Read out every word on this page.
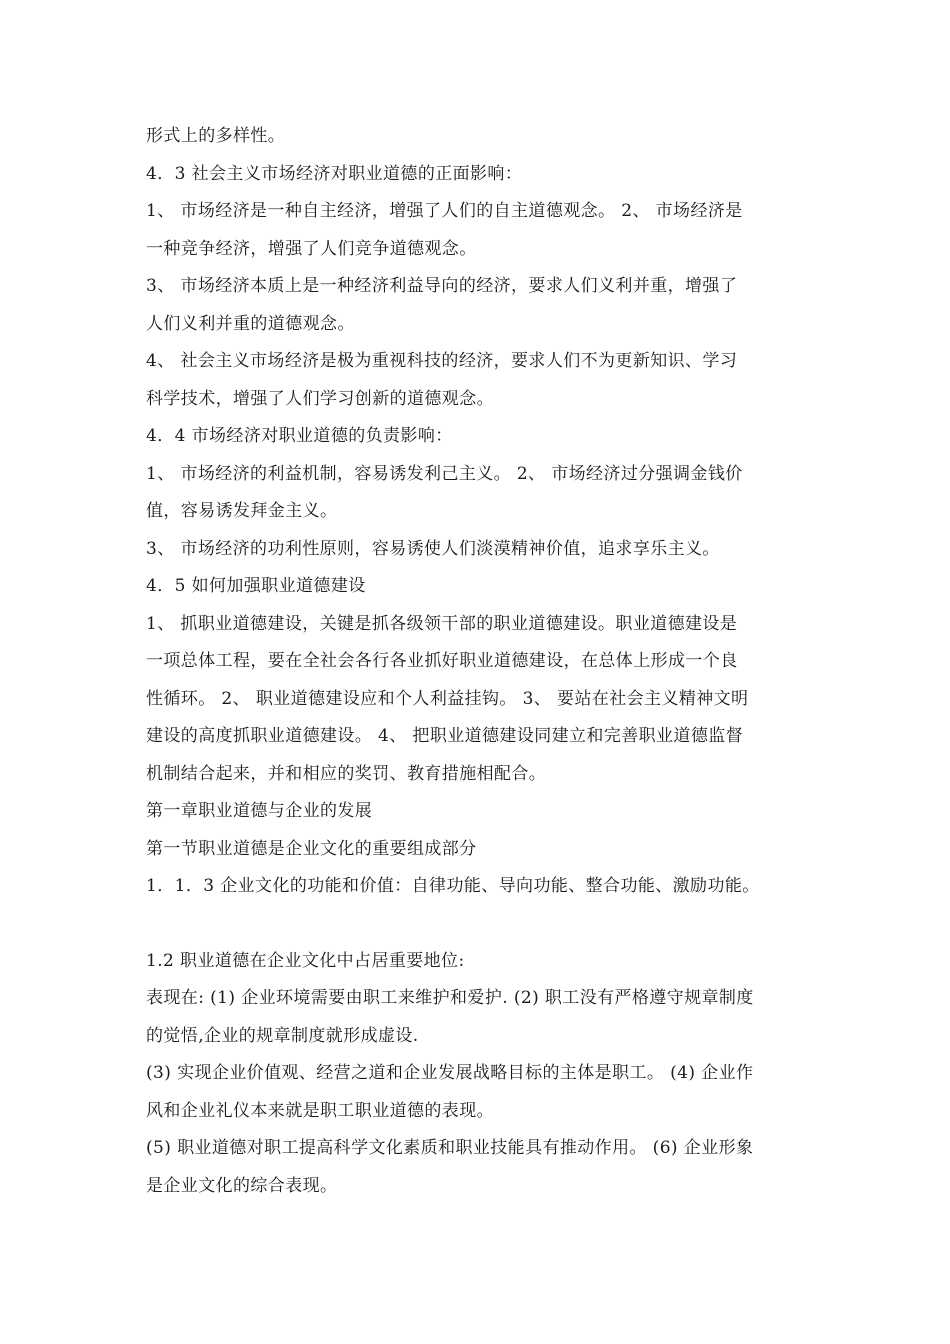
形式上的多样性。
4．3 社会主义市场经济对职业道德的正面影响：
1、 市场经济是一种自主经济，增强了人们的自主道德观念。 2、 市场经济是
一种竞争经济，增强了人们竞争道德观念。
3、 市场经济本质上是一种经济利益导向的经济，要求人们义利并重，增强了
人们义利并重的道德观念。
4、 社会主义市场经济是极为重视科技的经济，要求人们不为更新知识、学习
科学技术，增强了人们学习创新的道德观念。
4．4 市场经济对职业道德的负责影响：
1、 市场经济的利益机制，容易诱发利己主义。 2、 市场经济过分强调金钱价
值，容易诱发拜金主义。
3、 市场经济的功利性原则，容易诱使人们淡漠精神价值，追求享乐主义。
4．5 如何加强职业道德建设
1、 抓职业道德建设，关键是抓各级领干部的职业道德建设。职业道德建设是
一项总体工程，要在全社会各行各业抓好职业道德建设，在总体上形成一个良
性循环。 2、 职业道德建设应和个人利益挂钩。 3、 要站在社会主义精神文明
建设的高度抓职业道德建设。 4、 把职业道德建设同建立和完善职业道德监督
机制结合起来，并和相应的奖罚、教育措施相配合。
第一章职业道德与企业的发展
第一节职业道德是企业文化的重要组成部分
1．1．3 企业文化的功能和价值：自律功能、导向功能、整合功能、激励功能。
1.2 职业道德在企业文化中占居重要地位:
表现在: (1) 企业环境需要由职工来维护和爱护. (2) 职工没有严格遵守规章制度
的觉悟,企业的规章制度就形成虚设.
(3) 实现企业价值观、经营之道和企业发展战略目标的主体是职工。 (4) 企业作
风和企业礼仪本来就是职工职业道德的表现。
(5) 职业道德对职工提高科学文化素质和职业技能具有推动作用。 (6) 企业形象
是企业文化的综合表现。
